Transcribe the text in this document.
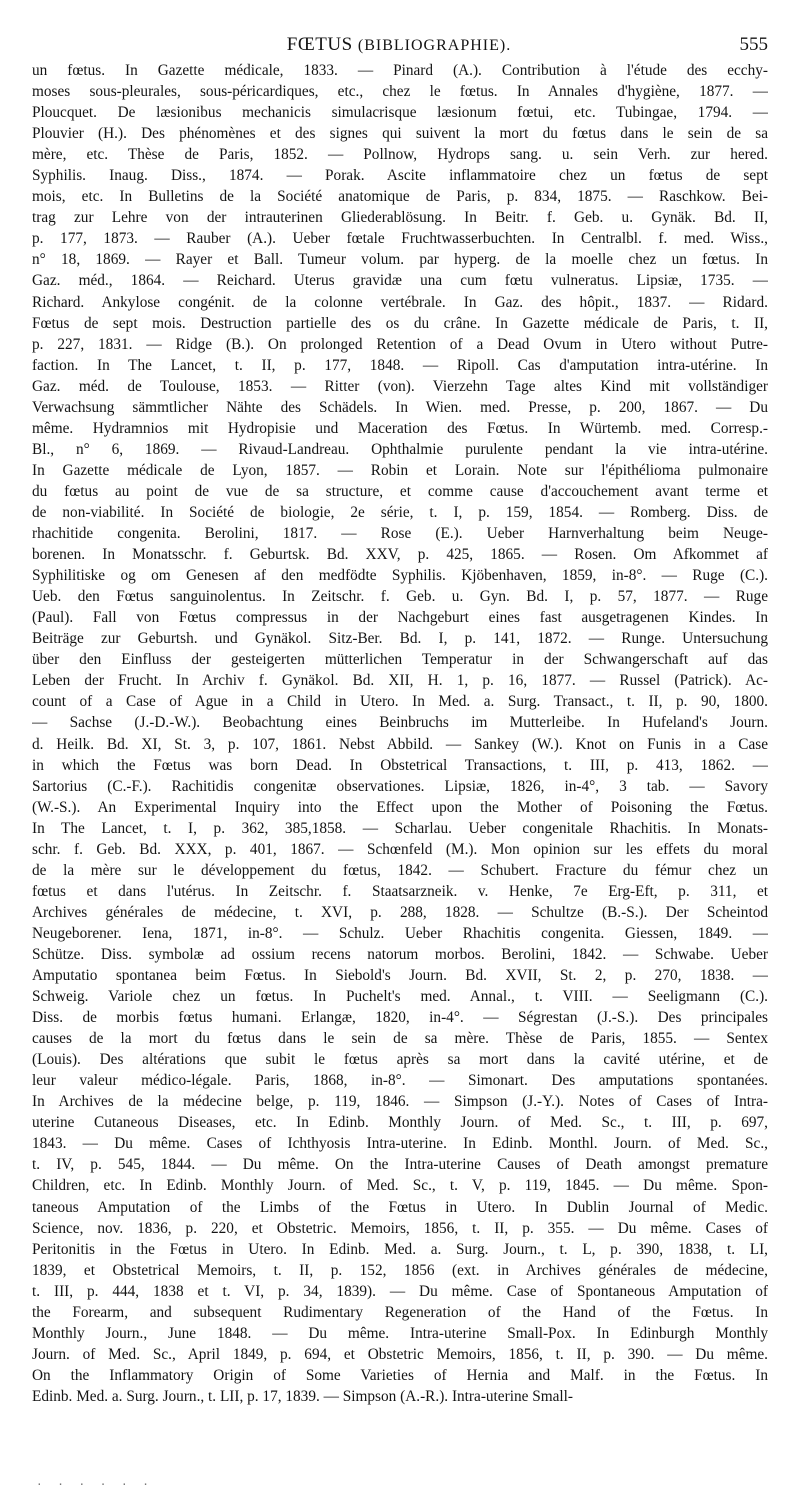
FŒTUS (BIBLIOGRAPHIE).	555
un fœtus. In Gazette médicale, 1833. — Pinard (A.). Contribution à l'étude des ecchy-
moses sous-pleurales, sous-péricardiques, etc., chez le fœtus. In Annales d'hygiène, 1877. —
Ploucquet. De læsionibus mechanicis simulacrisque læsionum fœtui, etc. Tubingae, 1794. —
Plouvier (H.). Des phénomènes et des signes qui suivent la mort du fœtus dans le sein de sa
mère, etc. Thèse de Paris, 1852. — Pollnow, Hydrops sang. u. sein Verh. zur hered.
Syphilis. Inaug. Diss., 1874. — Porak. Ascite inflammatoire chez un fœtus de sept
mois, etc. In Bulletins de la Société anatomique de Paris, p. 834, 1875. — Raschkow. Bei-
trag zur Lehre von der intrauterinen Gliederablösung. In Beitr. f. Geb. u. Gynäk. Bd. II,
p. 177, 1873. — Rauber (A.). Ueber fœtale Fruchtwasserbuchten. In Centralbl. f. med. Wiss.,
n° 18, 1869. — Rayer et Ball. Tumeur volum. par hyperg. de la moelle chez un fœtus. In
Gaz. méd., 1864. — Reichard. Uterus gravidæ una cum fœtu vulneratus. Lipsiæ, 1735. —
Richard. Ankylose congénit. de la colonne vertébrale. In Gaz. des hôpit., 1837. — Ridard.
Fœtus de sept mois. Destruction partielle des os du crâne. In Gazette médicale de Paris, t. II,
p. 227, 1831. — Ridge (B.). On prolonged Retention of a Dead Ovum in Utero without Putre-
faction. In The Lancet, t. II, p. 177, 1848. — Ripoll. Cas d'amputation intra-utérine. In
Gaz. méd. de Toulouse, 1853. — Ritter (von). Vierzehn Tage altes Kind mit vollständiger
Verwachsung sämmtlicher Nähte des Schädels. In Wien. med. Presse, p. 200, 1867. — Du
même. Hydramnios mit Hydropisie und Maceration des Fœtus. In Würtemb. med. Corresp.-
Bl., n° 6, 1869. — Rivaud-Landreau. Ophthalmie purulente pendant la vie intra-utérine.
In Gazette médicale de Lyon, 1857. — Robin et Lorain. Note sur l'épithélioma pulmonaire
du fœtus au point de vue de sa structure, et comme cause d'accouchement avant terme et
de non-viabilité. In Société de biologie, 2e série, t. I, p. 159, 1854. — Romberg. Diss. de
rhachitide congenita. Berolini, 1817. — Rose (E.). Ueber Harnverhaltung beim Neuge-
borenen. In Monatsschr. f. Geburtsk. Bd. XXV, p. 425, 1865. — Rosen. Om Afkommet af
Syphilitiske og om Genesen af den medfödte Syphilis. Kjöbenhaven, 1859, in-8°. — Ruge (C.).
Ueb. den Fœtus sanguinolentus. In Zeitschr. f. Geb. u. Gyn. Bd. I, p. 57, 1877. — Ruge
(Paul). Fall von Fœtus compressus in der Nachgeburt eines fast ausgetragenen Kindes. In
Beiträge zur Geburtsh. und Gynäkol. Sitz-Ber. Bd. I, p. 141, 1872. — Runge. Untersuchung
über den Einfluss der gesteigerten mütterlichen Temperatur in der Schwangerschaft auf das
Leben der Frucht. In Archiv f. Gynäkol. Bd. XII, H. 1, p. 16, 1877. — Russel (Patrick). Ac-
count of a Case of Ague in a Child in Utero. In Med. a. Surg. Transact., t. II, p. 90, 1800.
— Sachse (J.-D.-W.). Beobachtung eines Beinbruchs im Mutterleibe. In Hufeland's Journ.
d. Heilk. Bd. XI, St. 3, p. 107, 1861. Nebst Abbild. — Sankey (W.). Knot on Funis in a Case
in which the Fœtus was born Dead. In Obstetrical Transactions, t. III, p. 413, 1862. —
Sartorius (C.-F.). Rachitidis congenitæ observationes. Lipsiæ, 1826, in-4°, 3 tab. — Savory
(W.-S.). An Experimental Inquiry into the Effect upon the Mother of Poisoning the Fœtus.
In The Lancet, t. I, p. 362, 385,1858. — Scharlau. Ueber congenitale Rhachitis. In Monats-
schr. f. Geb. Bd. XXX, p. 401, 1867. — Schœnfeld (M.). Mon opinion sur les effets du moral
de la mère sur le développement du fœtus, 1842. — Schubert. Fracture du fémur chez un
fœtus et dans l'utérus. In Zeitschr. f. Staatsarzneik. v. Henke, 7e Erg-Eft, p. 311, et
Archives générales de médecine, t. XVI, p. 288, 1828. — Schultze (B.-S.). Der Scheintod
Neugeborener. Iena, 1871, in-8°. — Schulz. Ueber Rhachitis congenita. Giessen, 1849. —
Schütze. Diss. symbolæ ad ossium recens natorum morbos. Berolini, 1842. — Schwabe. Ueber
Amputatio spontanea beim Fœtus. In Siebold's Journ. Bd. XVII, St. 2, p. 270, 1838. —
Schweig. Variole chez un fœtus. In Puchelt's med. Annal., t. VIII. — Seeligmann (C.).
Diss. de morbis fœtus humani. Erlangæ, 1820, in-4°. — Ségrestan (J.-S.). Des principales
causes de la mort du fœtus dans le sein de sa mère. Thèse de Paris, 1855. — Sentex
(Louis). Des altérations que subit le fœtus après sa mort dans la cavité utérine, et de
leur valeur médico-légale. Paris, 1868, in-8°. — Simonart. Des amputations spontanées.
In Archives de la médecine belge, p. 119, 1846. — Simpson (J.-Y.). Notes of Cases of Intra-
uterine Cutaneous Diseases, etc. In Edinb. Monthly Journ. of Med. Sc., t. III, p. 697,
1843. — Du même. Cases of Ichthyosis Intra-uterine. In Edinb. Monthl. Journ. of Med. Sc.,
t. IV, p. 545, 1844. — Du même. On the Intra-uterine Causes of Death amongst premature
Children, etc. In Edinb. Monthly Journ. of Med. Sc., t. V, p. 119, 1845. — Du même. Spon-
taneous Amputation of the Limbs of the Fœtus in Utero. In Dublin Journal of Medic.
Science, nov. 1836, p. 220, et Obstetric. Memoirs, 1856, t. II, p. 355. — Du même. Cases of
Peritonitis in the Fœtus in Utero. In Edinb. Med. a. Surg. Journ., t. L, p. 390, 1838, t. LI,
1839, et Obstetrical Memoirs, t. II, p. 152, 1856 (ext. in Archives générales de médecine,
t. III, p. 444, 1838 et t. VI, p. 34, 1839). — Du même. Case of Spontaneous Amputation of
the Forearm, and subsequent Rudimentary Regeneration of the Hand of the Fœtus. In
Monthly Journ., June 1848. — Du même. Intra-uterine Small-Pox. In Edinburgh Monthly
Journ. of Med. Sc., April 1849, p. 694, et Obstetric Memoirs, 1856, t. II, p. 390. — Du même.
On the Inflammatory Origin of Some Varieties of Hernia and Malf. in the Fœtus. In
Edinb. Med. a. Surg. Journ., t. LII, p. 17, 1839. — Simpson (A.-R.). Intra-uterine Small-
· · · · · ·
